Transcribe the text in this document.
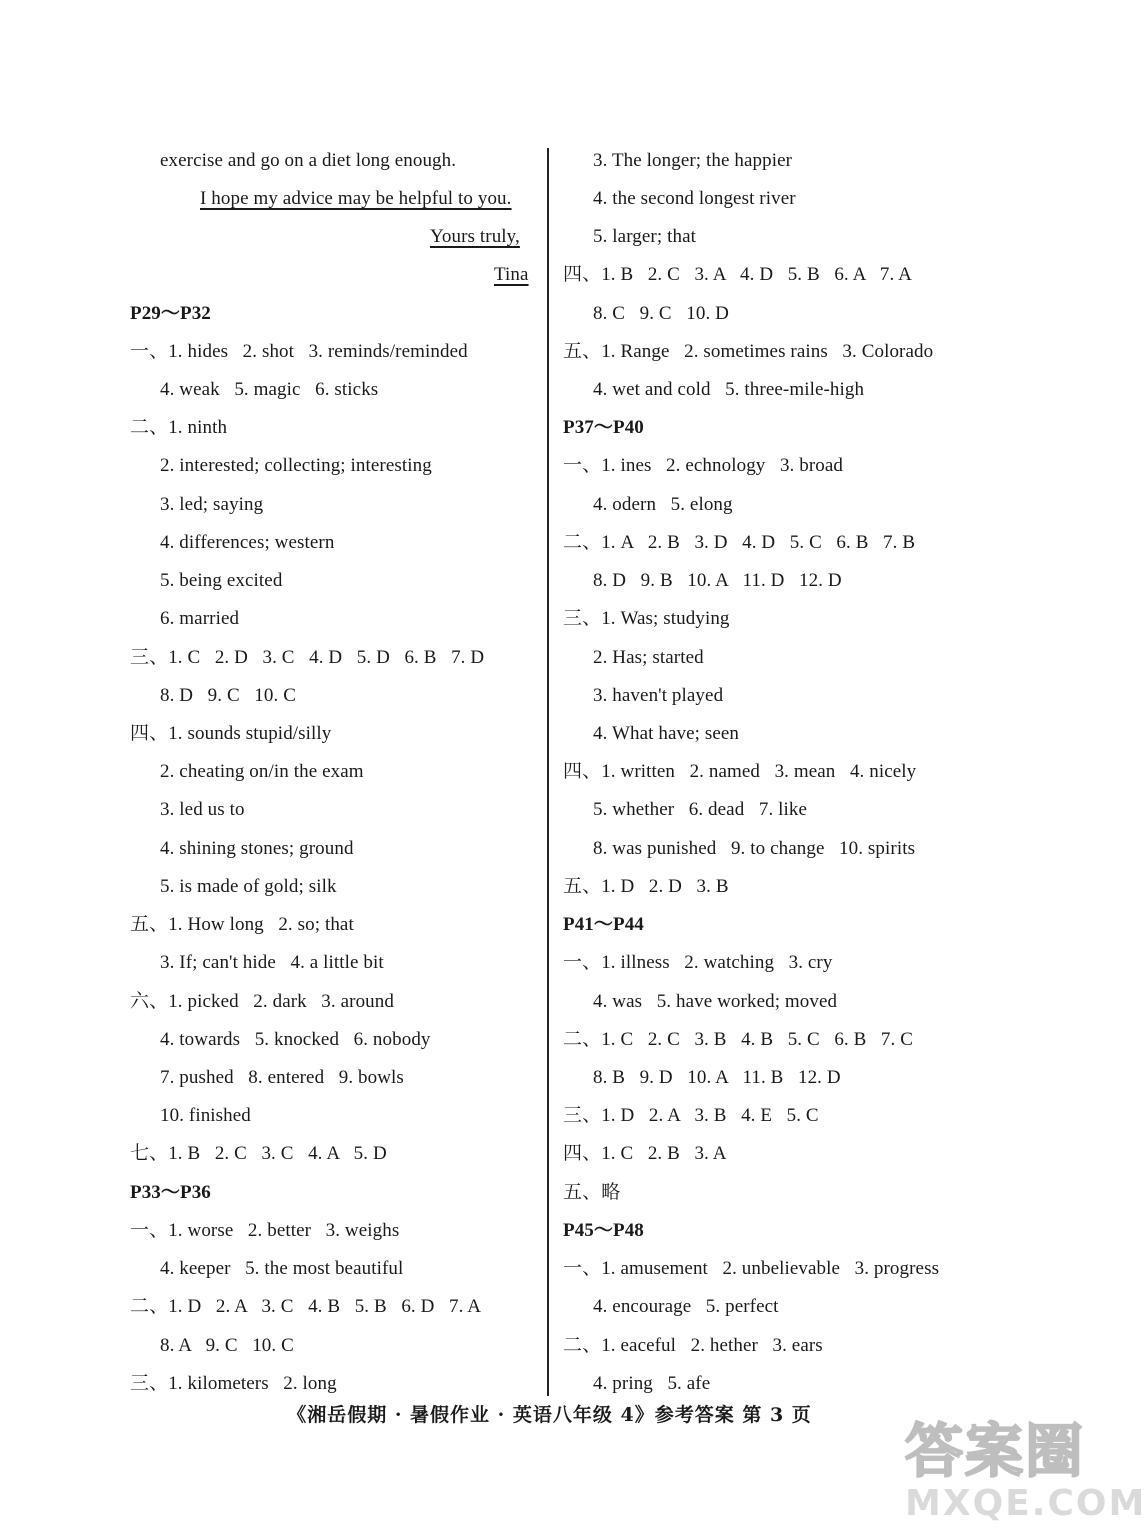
exercise and go on a diet long enough.
I hope my advice may be helpful to you.
Yours truly,
Tina
P29～P32
一、1. hides   2. shot   3. reminds/reminded
4. weak   5. magic   6. sticks
二、1. ninth
2. interested; collecting; interesting
3. led; saying
4. differences; western
5. being excited
6. married
三、1. C   2. D   3. C   4. D   5. D   6. B   7. D
8. D   9. C   10. C
四、1. sounds stupid/silly
2. cheating on/in the exam
3. led us to
4. shining stones; ground
5. is made of gold; silk
五、1. How long   2. so; that
3. If; can't hide   4. a little bit
六、1. picked   2. dark   3. around
4. towards   5. knocked   6. nobody
7. pushed   8. entered   9. bowls
10. finished
七、1. B   2. C   3. C   4. A   5. D
P33～P36
一、1. worse   2. better   3. weighs
4. keeper   5. the most beautiful
二、1. D   2. A   3. C   4. B   5. B   6. D   7. A
8. A   9. C   10. C
三、1. kilometers   2. long
3. The longer; the happier
4. the second longest river
5. larger; that
四、1. B   2. C   3. A   4. D   5. B   6. A   7. A
8. C   9. C   10. D
五、1. Range   2. sometimes rains   3. Colorado
4. wet and cold   5. three-mile-high
P37～P40
一、1. ines   2. echnology   3. broad
4. odern   5. elong
二、1. A   2. B   3. D   4. D   5. C   6. B   7. B
8. D   9. B   10. A   11. D   12. D
三、1. Was; studying
2. Has; started
3. haven't played
4. What have; seen
四、1. written   2. named   3. mean   4. nicely
5. whether   6. dead   7. like
8. was punished   9. to change   10. spirits
五、1. D   2. D   3. B
P41～P44
一、1. illness   2. watching   3. cry
4. was   5. have worked; moved
二、1. C   2. C   3. B   4. B   5. C   6. B   7. C
8. B   9. D   10. A   11. B   12. D
三、1. D   2. A   3. B   4. E   5. C
四、1. C   2. B   3. A
五、略
P45～P48
一、1. amusement   2. unbelievable   3. progress
4. encourage   5. perfect
二、1. eaceful   2. hether   3. ears
4. pring   5. afe
《湘岳假期 · 暑假作业 · 英语八年级 4》参考答案 第 3 页
答案圈
MXQE.COM
